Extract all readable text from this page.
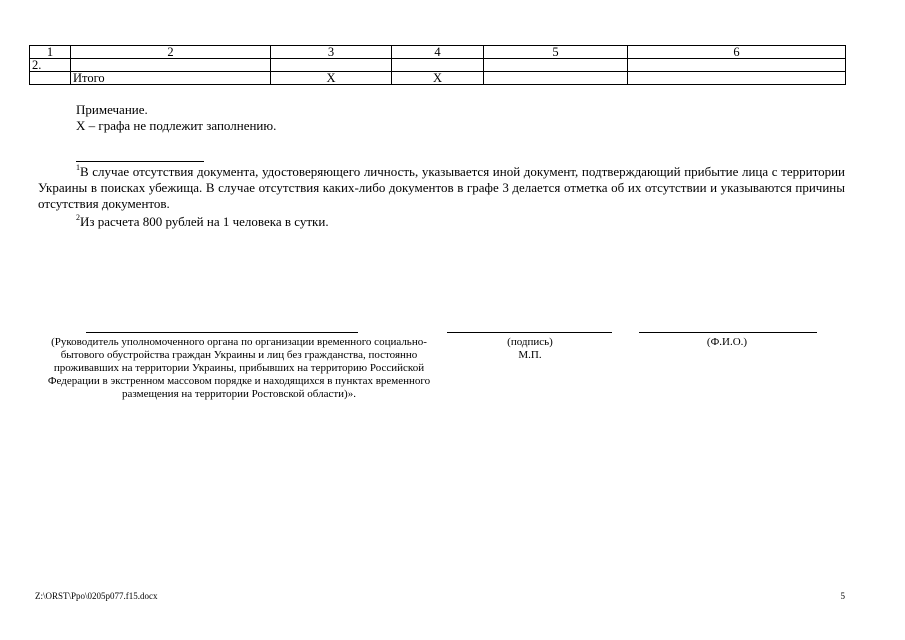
1	2	3	4	5	6
2.					
	Итого	Х	Х		
Примечание.
Х – графа не подлежит заполнению.
$^1$В случае отсутствия документа, удостоверяющего личность, указывается иной документ, подтверждающий прибытие лица с территории Украины в поисках убежища. В случае отсутствия каких-либо документов в графе 3 делается отметка об их отсутствии и указываются причины отсутствия документов.
$^2$Из расчета 800 рублей на 1 человека в сутки.
(Руководитель уполномоченного органа по организации временного социально-бытового обустройства граждан Украины и лиц без гражданства, постоянно проживавших на территории Украины, прибывших на территорию Российской Федерации в экстренном массовом порядке и находящихся в пунктах временного размещения на территории Ростовской области)».
(подпись)
М.П.
(Ф.И.О.)
Z:\ORST\Ppo\0205p077.f15.docx	5
